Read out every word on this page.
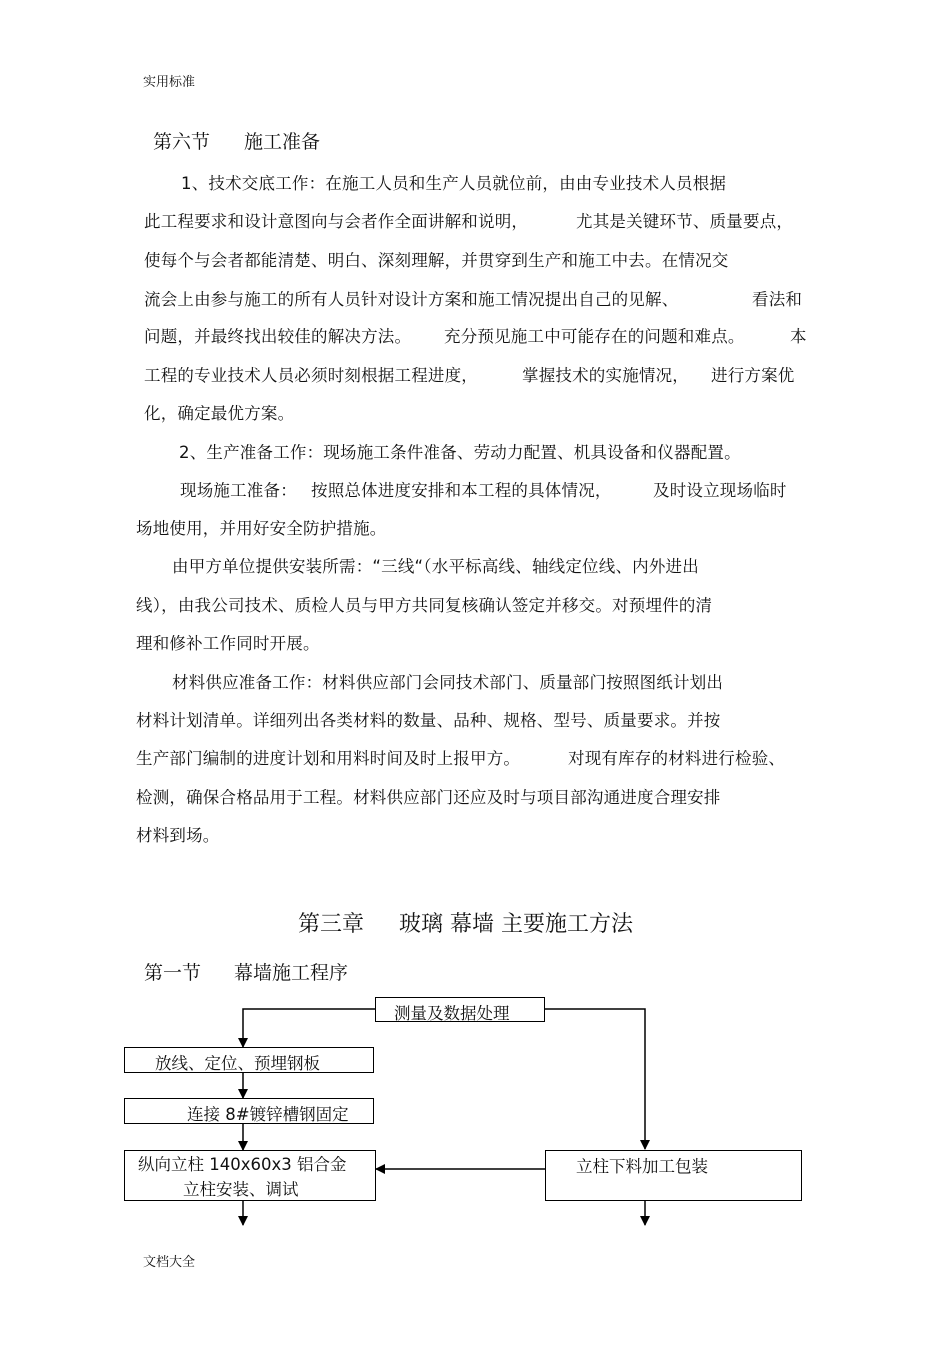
实用标准
第六节 施工准备
1、技术交底工作：在施工人员和生产人员就位前，由由专业技术人员根据
此工程要求和设计意图向与会者作全面讲解和说明，	尤其是关键环节、质量要点，
使每个与会者都能清楚、明白、深刻理解，并贯穿到生产和施工中去。在情况交
流会上由参与施工的所有人员针对设计方案和施工情况提出自己的见解、	看法和
问题，并最终找出较佳的解决方法。 充分预见施工中可能存在的问题和难点。	本
工程的专业技术人员必须时刻根据工程进度，	掌握技术的实施情况， 进行方案优
化，确定最优方案。
2、生产准备工作：现场施工条件准备、劳动力配置、机具设备和仪器配置。
现场施工准备： 按照总体进度安排和本工程的具体情况，	及时设立现场临时
场地使用，并用好安全防护措施。
由甲方单位提供安装所需：“三线“（水平标高线、轴线定位线、内外进出
线），由我公司技术、质检人员与甲方共同复核确认签定并移交。对预埋件的清
理和修补工作同时开展。
材料供应准备工作：材料供应部门会同技术部门、质量部门按照图纸计划出
材料计划清单。详细列出各类材料的数量、品种、规格、型号、质量要求。并按
生产部门编制的进度计划和用料时间及时上报甲方。	对现有库存的材料进行检验、
检测，确保合格品用于工程。材料供应部门还应及时与项目部沟通进度合理安排
材料到场。
第三章 玻璃 幕墙 主要施工方法
第一节 幕墙施工程序
测量及数据处理
放线、定位、预埋钢板
连接 8#镀锌槽钢固定
纵向立柱 140x60x3 铝合金
立柱安装、调试
立柱下料加工包装
文档大全
